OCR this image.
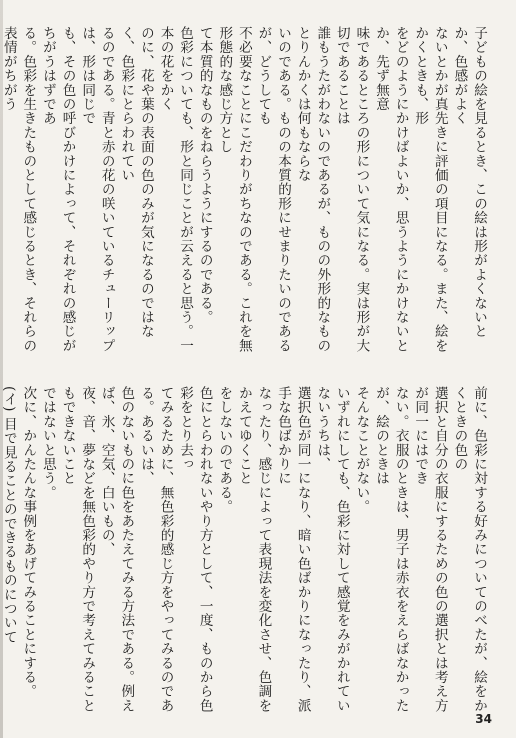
子どもの絵を見るとき、この絵は形がよくないとか、色感がよく

ないとかが真先きに評価の項目になる。また、絵をかくときも、形

をどのようにかけばよいか、思うようにかけないとか、先ず無意

味であるところの形について気になる。実は形が大切であることは

誰もうたがわないのであるが、ものの外形的なものとりんかくは何もならな

いのである。ものの本質的形にせまりたいのであるが、どうしても

不必要なことにこだわりがちなのである。これを無形態的な感じ方とし

て本質的なものをねらうようにするのである。

色彩についても、形と同じことが云えると思う。一本の花をかく

のに、花や葉の表面の色のみが気になるのではなく、色彩にとらわれてい

るのである。青と赤の花の咲いているチューリップは、形は同じで

も、その色の呼びかけによって、それぞれの感じがちがうはずであ

る。色彩を生きたものとして感じるとき、それらの表情がちがう

前に、色彩に対する好みについてのべたが、絵をかくときの色の

選択と自分の衣服にするための色の選択とは考え方が同一にはでき

ない。衣服のときは、男子は赤衣をえらばなかったが、絵のときは

そんなことがない。

いずれにしても、色彩に対して感覚をみがかれていないうちは、

選択色が同一になり、暗い色ばかりになったり、派手な色ばかりに

なったり、感じによって表現法を変化させ、色調をかえてゆくこと

をしないのである。

色にとらわれないやり方として、一度、ものから色彩をとり去っ

てみるために、無色彩的感じ方をやってみるのである。あるいは、

色のないものに色をあたえてみる方法である。例えば、氷、空気、白いもの、

夜、音、夢などを無色彩的やり方で考えてみることもできないこと

ではないと思う。

次に、かんたんな事例をあげてみることにする。

(イ) 目で見ることのできるものについて

34
